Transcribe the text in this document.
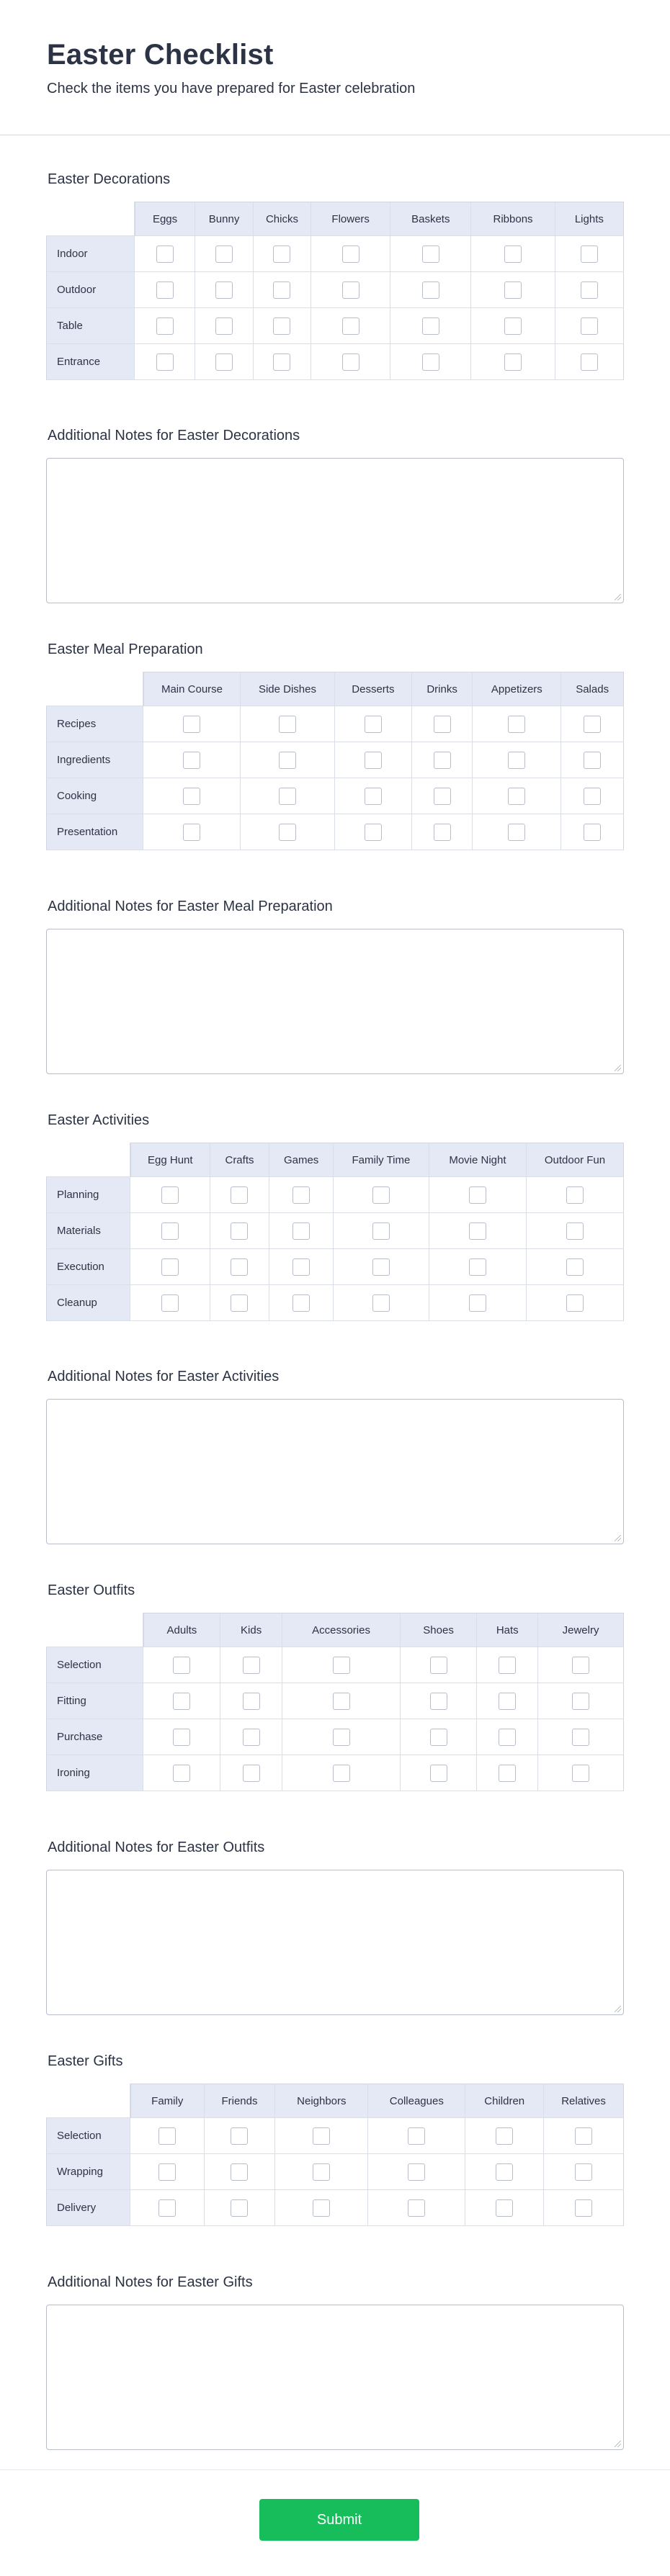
Easter Checklist

Check the items you have prepared for Easter celebration

Easter Decorations
	Eggs	Bunny	Chicks	Flowers	Baskets	Ribbons	Lights
Indoor							
Outdoor							
Table							
Entrance							
Additional Notes for Easter Decorations
Easter Meal Preparation
	Main Course	Side Dishes	Desserts	Drinks	Appetizers	Salads
Recipes						
Ingredients						
Cooking						
Presentation						
Additional Notes for Easter Meal Preparation
Easter Activities
	Egg Hunt	Crafts	Games	Family Time	Movie Night	Outdoor Fun
Planning						
Materials						
Execution						
Cleanup						
Additional Notes for Easter Activities
Easter Outfits
	Adults	Kids	Accessories	Shoes	Hats	Jewelry
Selection						
Fitting						
Purchase						
Ironing						
Additional Notes for Easter Outfits
Easter Gifts
	Family	Friends	Neighbors	Colleagues	Children	Relatives
Selection						
Wrapping						
Delivery						
Additional Notes for Easter Gifts
Submit
